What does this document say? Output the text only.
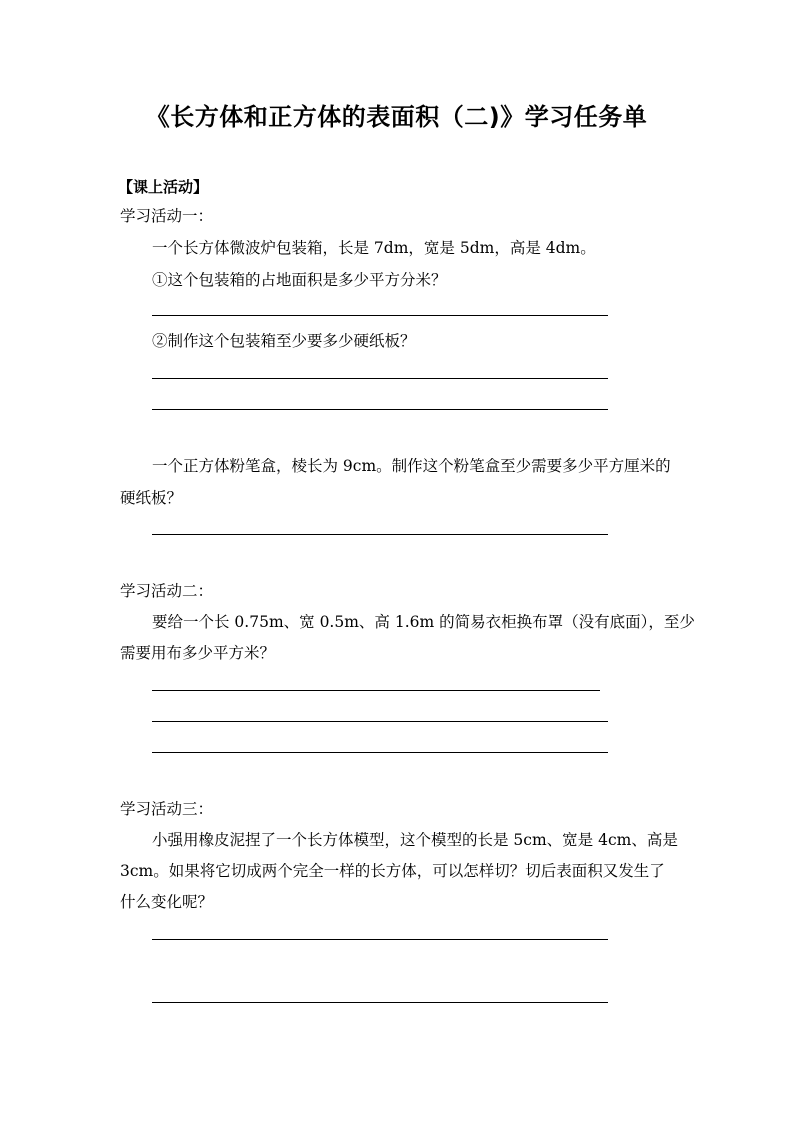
《长方体和正方体的表面积（二)》学习任务单
【课上活动】
学习活动一：
一个长方体微波炉包装箱，长是 7dm，宽是 5dm，高是 4dm。
①这个包装箱的占地面积是多少平方分米？
②制作这个包装箱至少要多少硬纸板？
一个正方体粉笔盒，棱长为 9cm。制作这个粉笔盒至少需要多少平方厘米的
硬纸板？
学习活动二：
要给一个长 0.75m、宽 0.5m、高 1.6m 的简易衣柜换布罩（没有底面），至少
需要用布多少平方米？
学习活动三：
小强用橡皮泥捏了一个长方体模型，这个模型的长是 5cm、宽是 4cm、高是
3cm。如果将它切成两个完全一样的长方体，可以怎样切？切后表面积又发生了
什么变化呢？
